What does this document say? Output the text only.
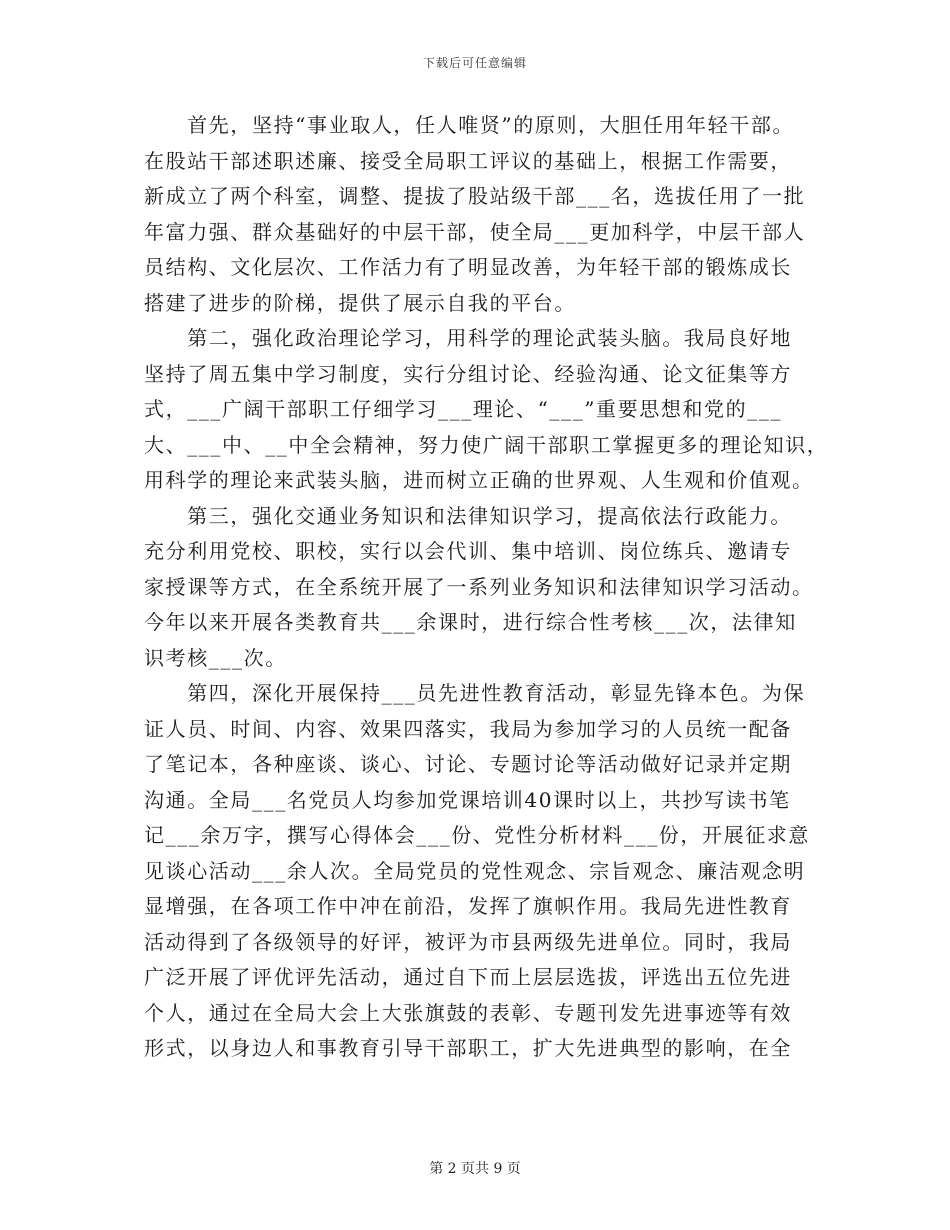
下载后可任意编辑
　　首先，坚持“事业取人，任人唯贤”的原则，大胆任用年轻干部。
在股站干部述职述廉、接受全局职工评议的基础上，根据工作需要，
新成立了两个科室，调整、提拔了股站级干部___名，选拔任用了一批
年富力强、群众基础好的中层干部，使全局___更加科学，中层干部人
员结构、文化层次、工作活力有了明显改善，为年轻干部的锻炼成长
搭建了进步的阶梯，提供了展示自我的平台。
　　第二，强化政治理论学习，用科学的理论武装头脑。我局良好地
坚持了周五集中学习制度，实行分组讨论、经验沟通、论文征集等方
式，___广阔干部职工仔细学习___理论、“___”重要思想和党的___
大、___中、__中全会精神，努力使广阔干部职工掌握更多的理论知识，
用科学的理论来武装头脑，进而树立正确的世界观、人生观和价值观。
　　第三，强化交通业务知识和法律知识学习，提高依法行政能力。
充分利用党校、职校，实行以会代训、集中培训、岗位练兵、邀请专
家授课等方式，在全系统开展了一系列业务知识和法律知识学习活动。
今年以来开展各类教育共___余课时，进行综合性考核___次，法律知
识考核___次。
　　第四，深化开展保持___员先进性教育活动，彰显先锋本色。为保
证人员、时间、内容、效果四落实，我局为参加学习的人员统一配备
了笔记本，各种座谈、谈心、讨论、专题讨论等活动做好记录并定期
沟通。全局___名党员人均参加党课培训40课时以上，共抄写读书笔
记___余万字，撰写心得体会___份、党性分析材料___份，开展征求意
见谈心活动___余人次。全局党员的党性观念、宗旨观念、廉洁观念明
显增强，在各项工作中冲在前沿，发挥了旗帜作用。我局先进性教育
活动得到了各级领导的好评，被评为市县两级先进单位。同时，我局
广泛开展了评优评先活动，通过自下而上层层选拔，评选出五位先进
个人，通过在全局大会上大张旗鼓的表彰、专题刊发先进事迹等有效
形式，以身边人和事教育引导干部职工，扩大先进典型的影响，在全
第 2 页共 9 页
